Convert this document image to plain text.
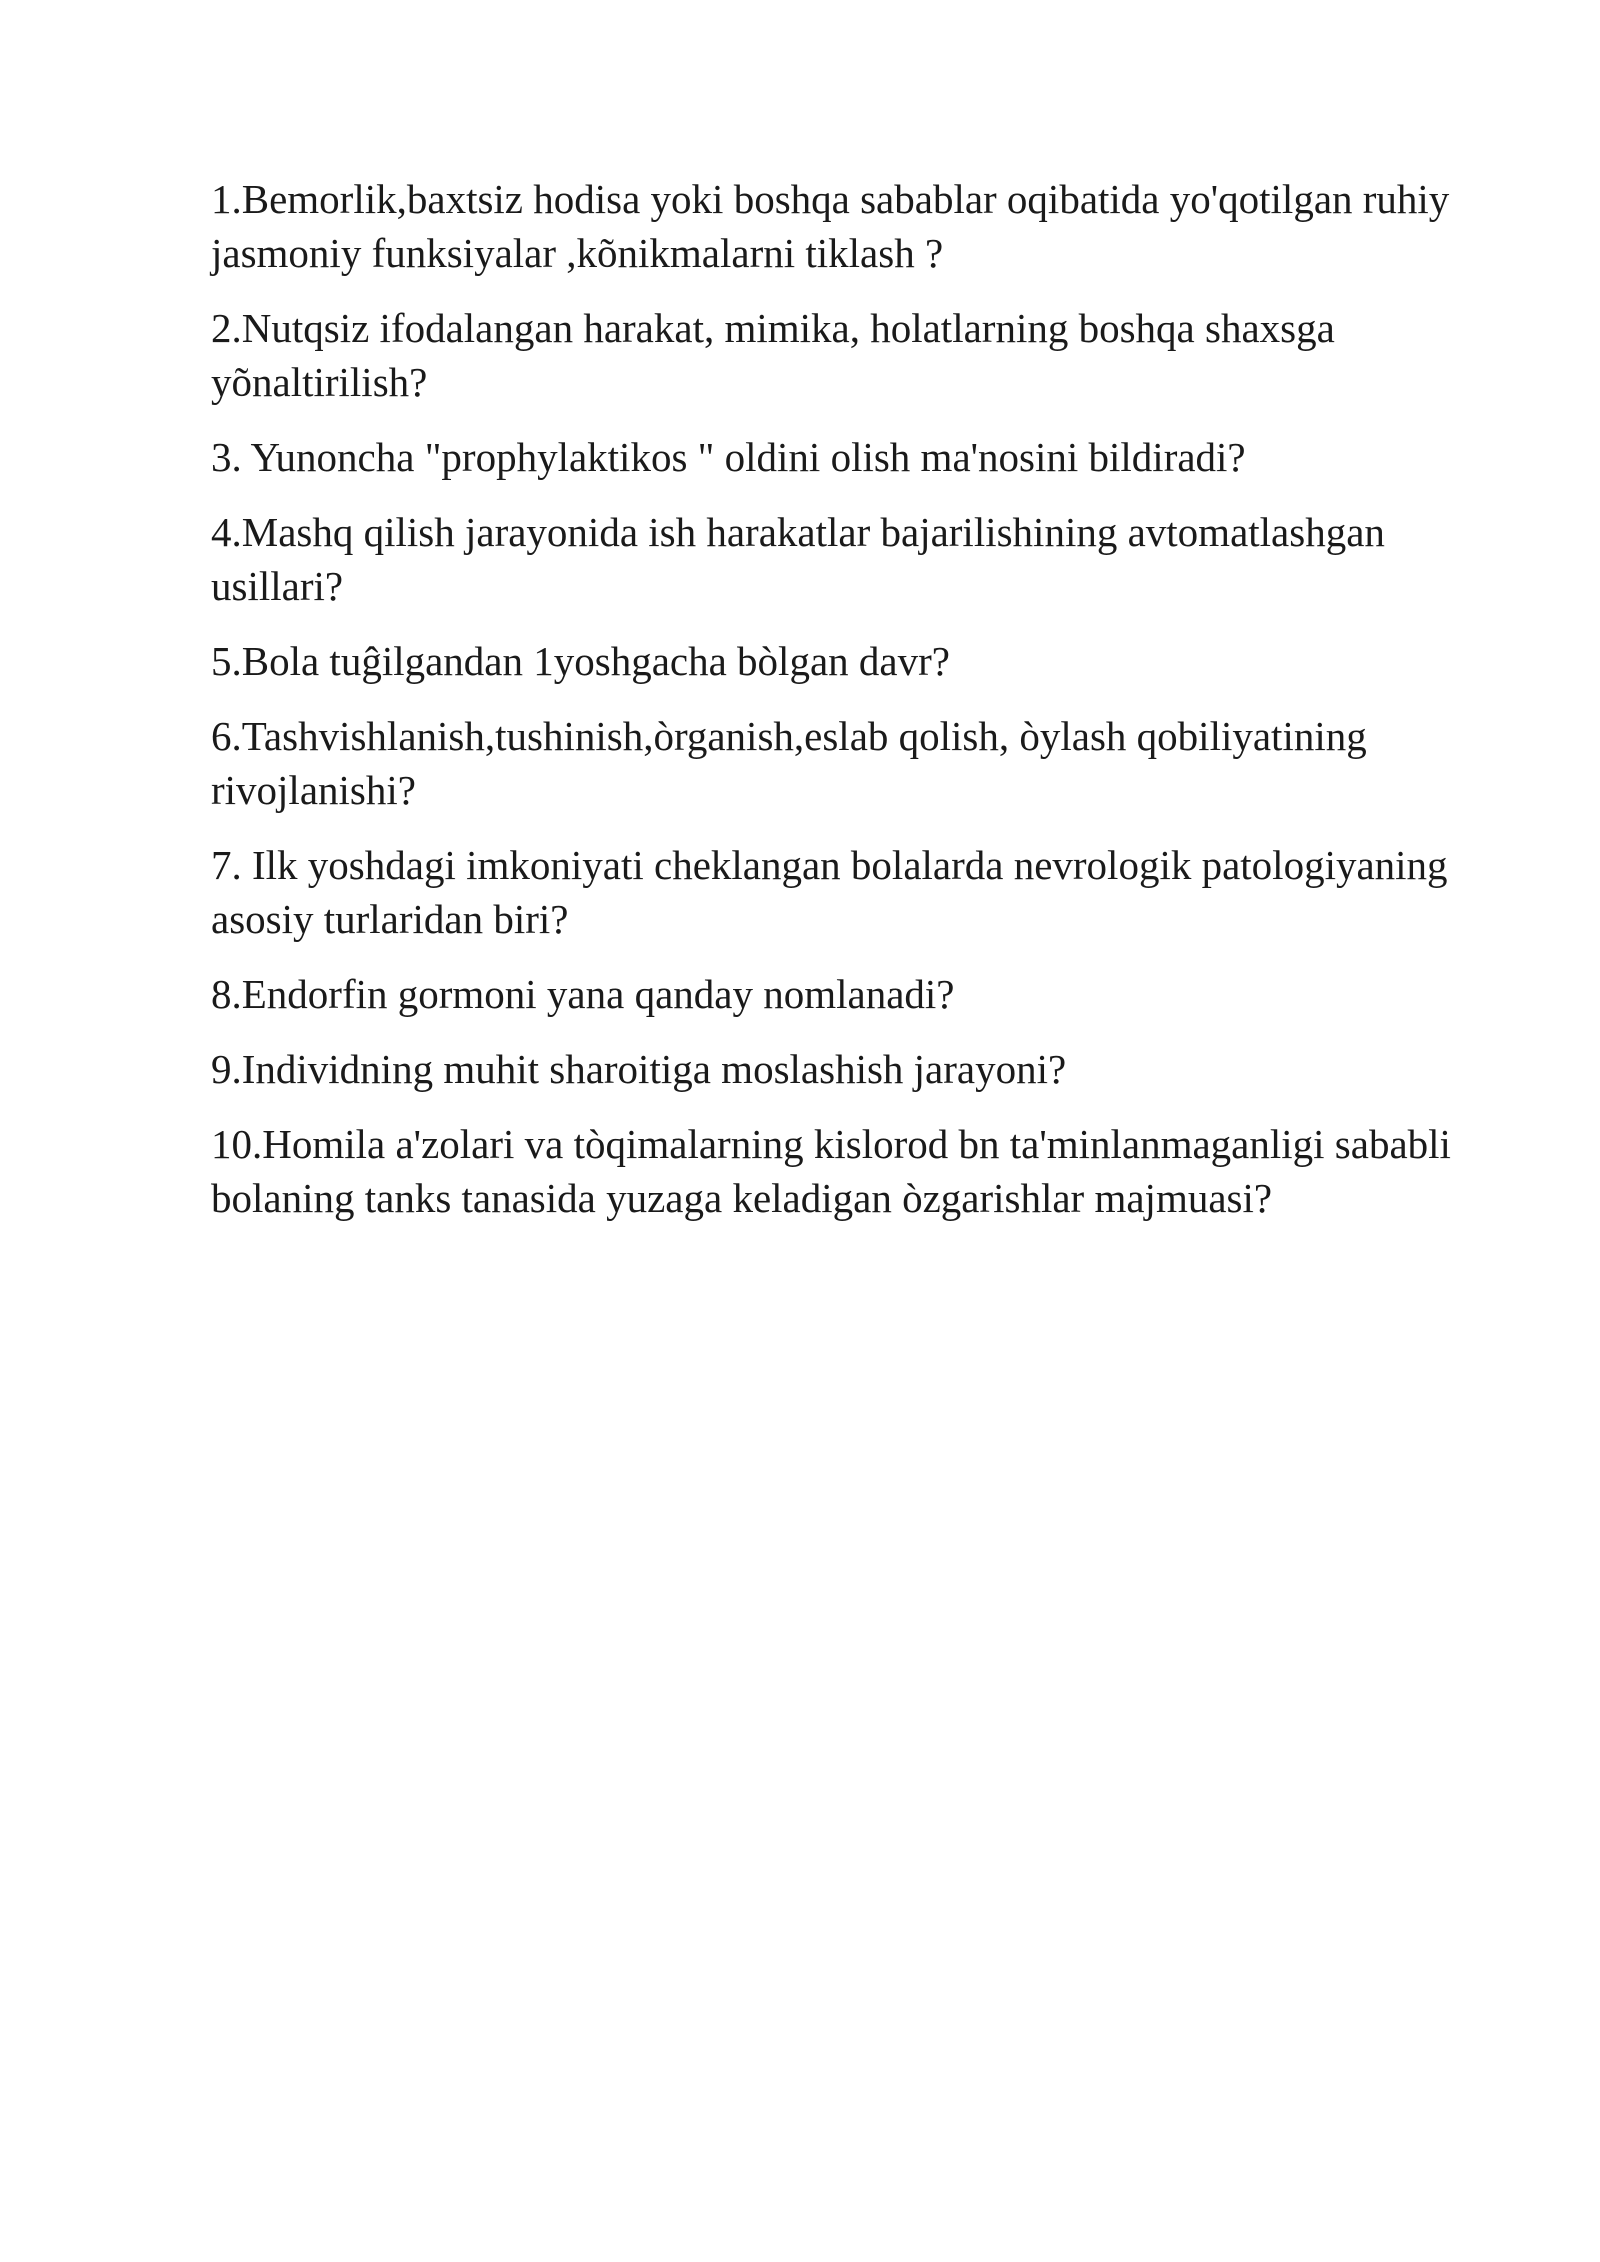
1.Bemorlik,baxtsiz hodisa yoki boshqa sabablar oqibatida yo'qotilgan ruhiy jasmoniy funksiyalar ,kõnikmalarni tiklash ?
2.Nutqsiz ifodalangan harakat, mimika, holatlarning boshqa shaxsga yõnaltirilish?
3. Yunoncha "prophylaktikos " oldini olish ma'nosini bildiradi?
4.Mashq qilish jarayonida ish harakatlar bajarilishining avtomatlashgan usillari?
5.Bola tuĝilgandan 1yoshgacha bòlgan davr?
6.Tashvishlanish,tushinish,òrganish,eslab qolish, òylash qobiliyatining rivojlanishi?
7. Ilk yoshdagi imkoniyati cheklangan bolalarda nevrologik patologiyaning asosiy turlaridan biri?
8.Endorfin gormoni yana qanday nomlanadi?
9.Individning muhit sharoitiga moslashish jarayoni?
10.Homila a'zolari va tòqimalarning kislorod bn ta'minlanmaganligi sababli bolaning tanks tanasida yuzaga keladigan òzgarishlar majmuasi?
